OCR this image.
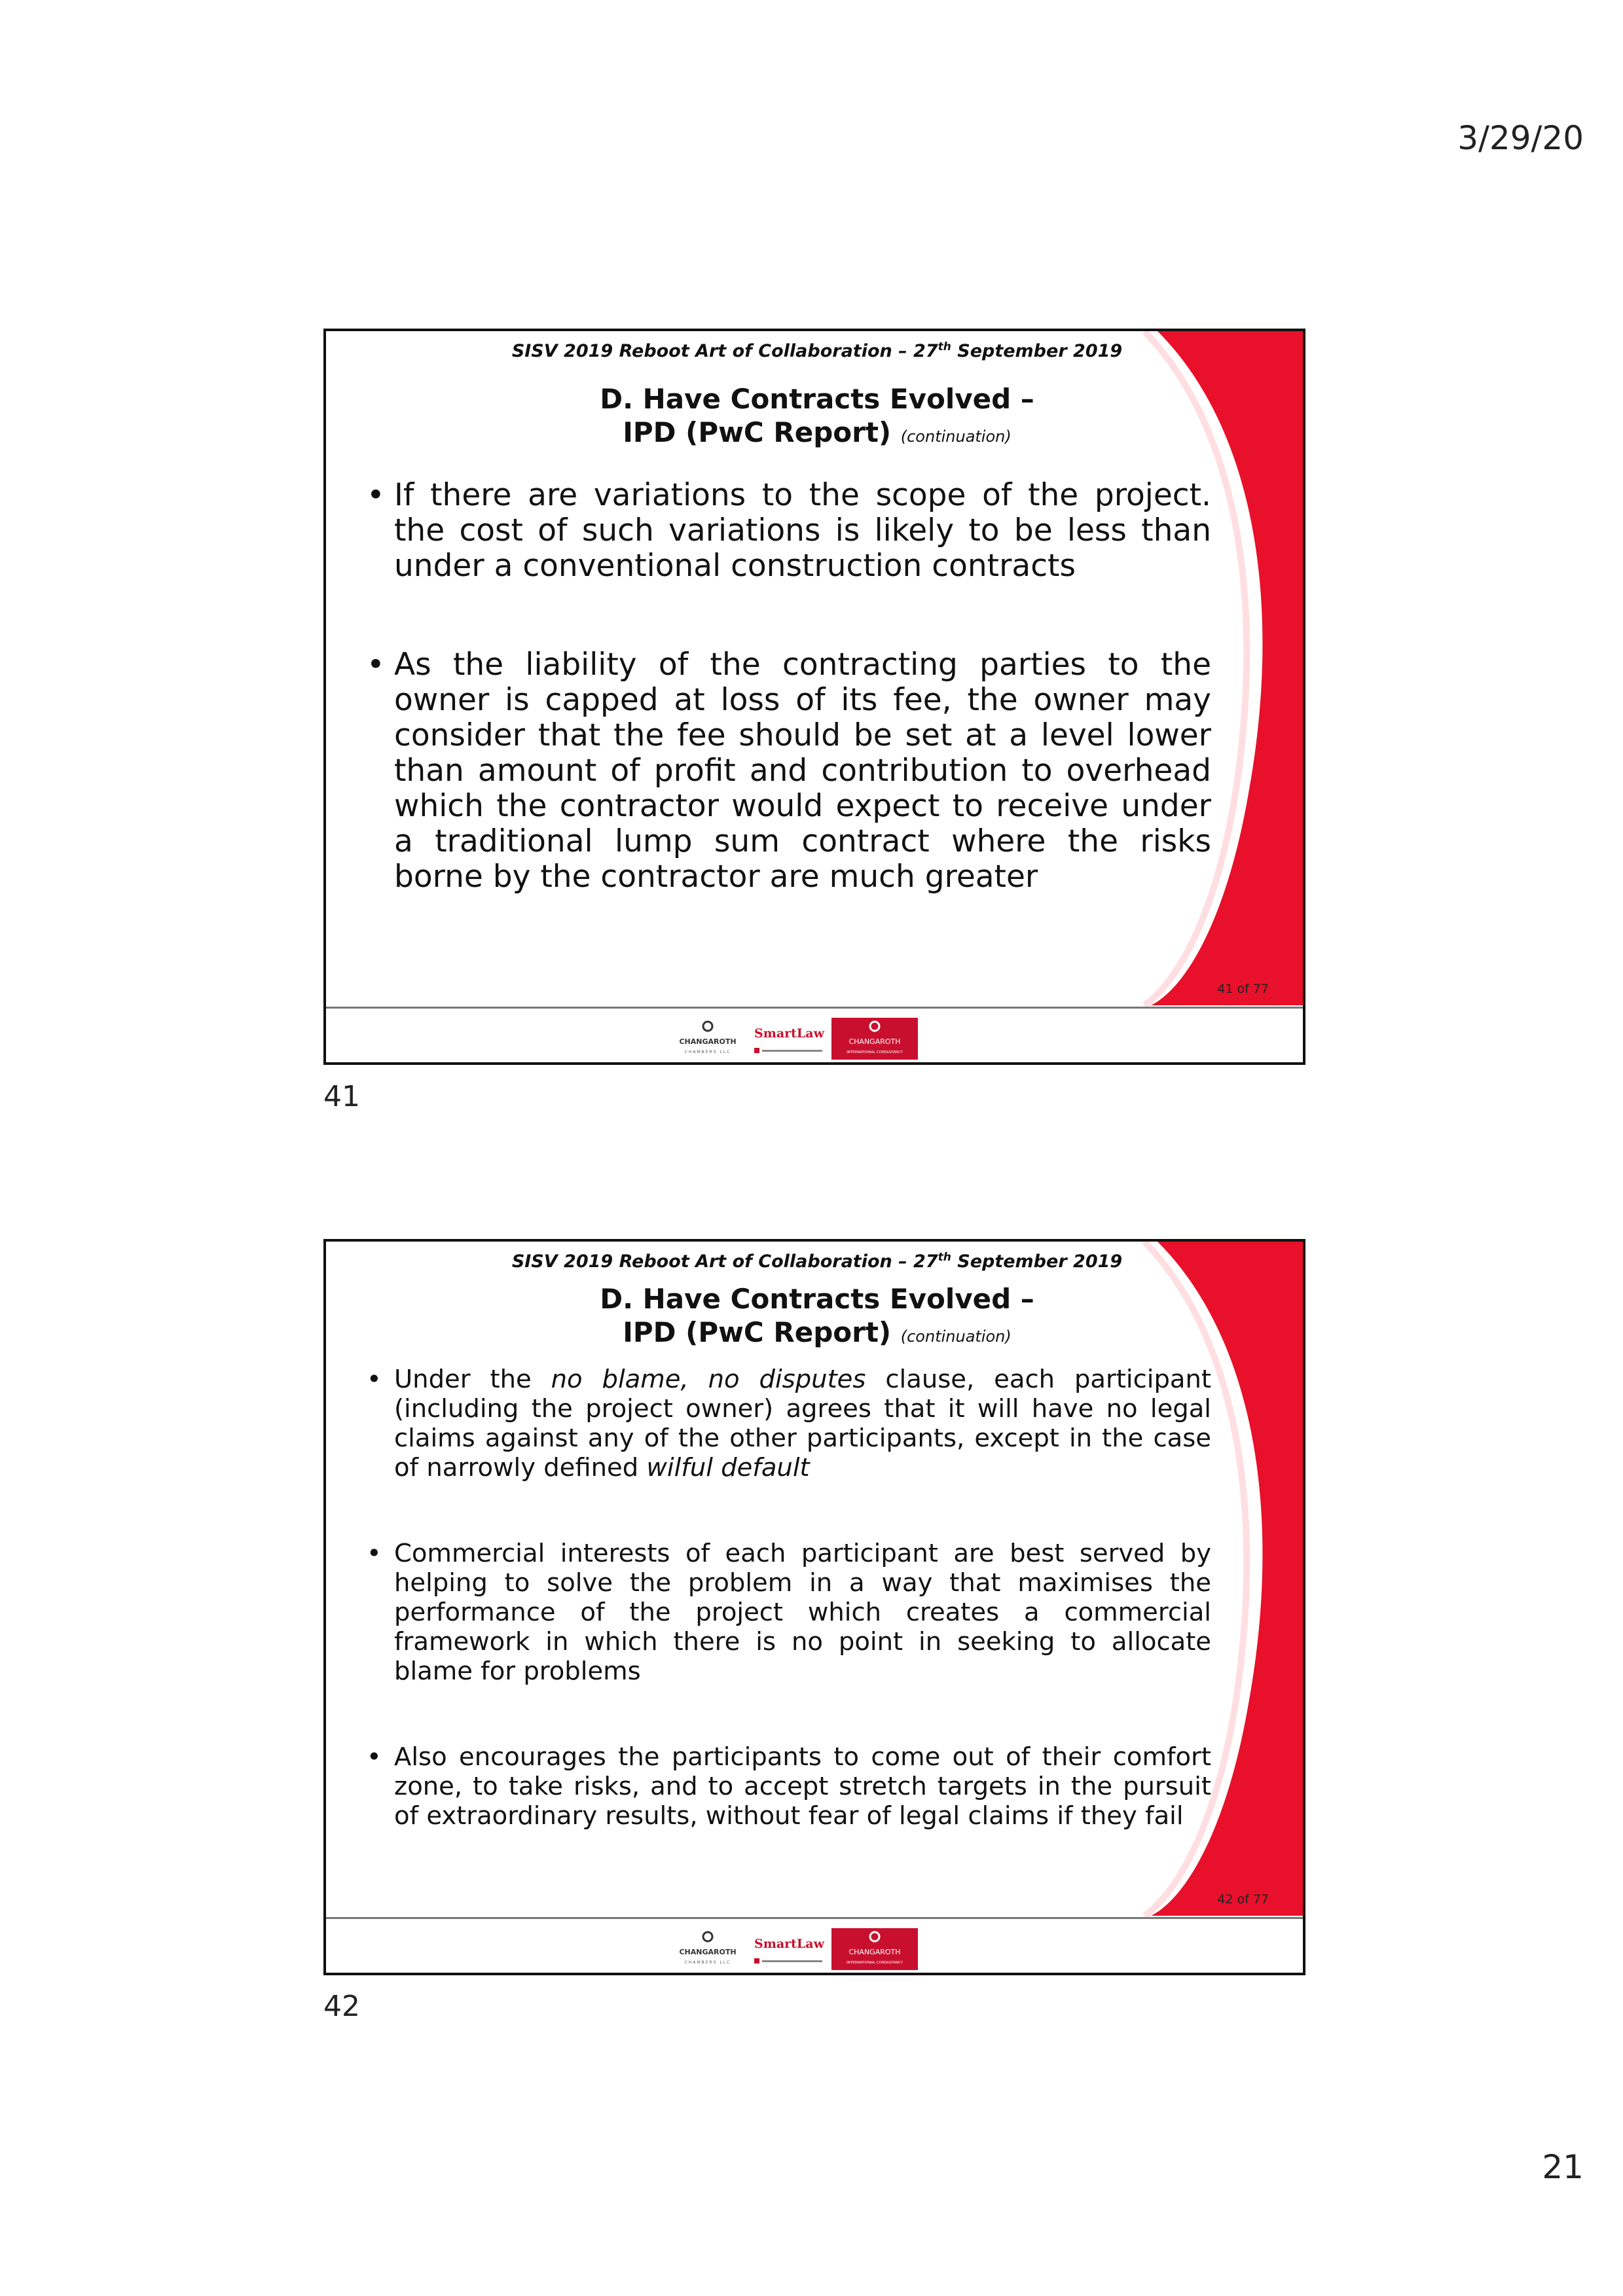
3/29/20
SISV 2019 Reboot Art of Collaboration – 27th September 2019
D. Have Contracts Evolved –
IPD (PwC Report) (continuation)
• If there are variations to the scope of the project. the cost of such variations is likely to be less than under a conventional construction contracts
• As the liability of the contracting parties to the owner is capped at loss of its fee, the owner may consider that the fee should be set at a level lower than amount of profit and contribution to overhead which the contractor would expect to receive under a traditional lump sum contract where the risks borne by the contractor are much greater
41 of 77
CHANGAROTH
CHAMBERS LLC
SmartLaw
CHANGAROTH
INTERNATIONAL CONSULTANCY
41
SISV 2019 Reboot Art of Collaboration – 27th September 2019
D. Have Contracts Evolved –
IPD (PwC Report) (continuation)
• Under the no blame, no disputes clause, each participant (including the project owner) agrees that it will have no legal claims against any of the other participants, except in the case of narrowly defined wilful default
• Commercial interests of each participant are best served by helping to solve the problem in a way that maximises the performance of the project which creates a commercial framework in which there is no point in seeking to allocate blame for problems
• Also encourages the participants to come out of their comfort zone, to take risks, and to accept stretch targets in the pursuit of extraordinary results, without fear of legal claims if they fail
42 of 77
CHANGAROTH
CHAMBERS LLC
SmartLaw
CHANGAROTH
INTERNATIONAL CONSULTANCY
42
21
